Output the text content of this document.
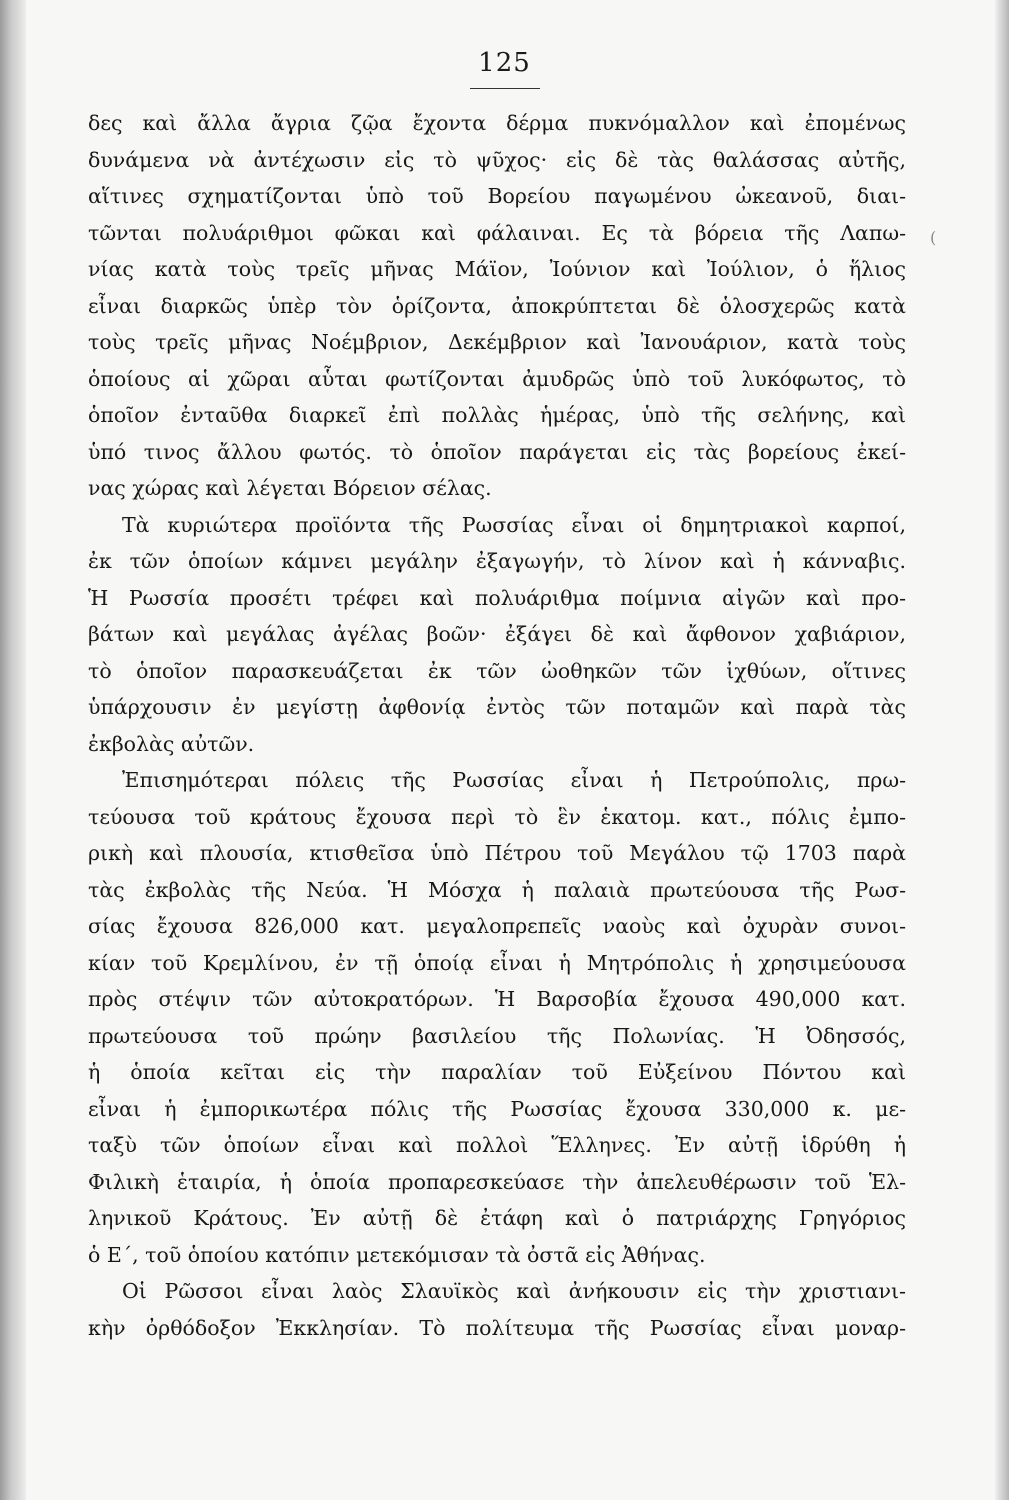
125
(
δες καὶ ἄλλα ἄγρια ζῷα ἔχοντα δέρμα πυκνόμαλλον καὶ ἐπομένως
δυνάμενα νὰ ἀντέχωσιν εἰς τὸ ψῦχος· εἰς δὲ τὰς θαλάσσας αὐτῆς,
αἵτινες σχηματίζονται ὑπὸ τοῦ Βορείου παγωμένου ὠκεανοῦ, διαι-
τῶνται πολυάριθμοι φῶκαι καὶ φάλαιναι. Ες τὰ βόρεια τῆς Λαπω-
νίας κατὰ τοὺς τρεῖς μῆνας Μάϊον, Ἰούνιον καὶ Ἰούλιον, ὁ ἥλιος
εἶναι διαρκῶς ὑπὲρ τὸν ὁρίζοντα, ἀποκρύπτεται δὲ ὁλοσχερῶς κατὰ
τοὺς τρεῖς μῆνας Νοέμβριον, Δεκέμβριον καὶ Ἰανουάριον, κατὰ τοὺς
ὁποίους αἱ χῶραι αὗται φωτίζονται ἀμυδρῶς ὑπὸ τοῦ λυκόφωτος, τὸ
ὁποῖον ἐνταῦθα διαρκεῖ ἐπὶ πολλὰς ἡμέρας, ὑπὸ τῆς σελήνης, καὶ
ὑπό τινος ἄλλου φωτός. τὸ ὁποῖον παράγεται εἰς τὰς βορείους ἐκεί-
νας χώρας καὶ λέγεται Βόρειον σέλας.
Τὰ κυριώτερα προϊόντα τῆς Ρωσσίας εἶναι οἱ δημητριακοὶ καρποί,
ἐκ τῶν ὁποίων κάμνει μεγάλην ἐξαγωγήν, τὸ λίνον καὶ ἡ κάνναβις.
Ἡ Ρωσσία προσέτι τρέφει καὶ πολυάριθμα ποίμνια αἰγῶν καὶ προ-
βάτων καὶ μεγάλας ἀγέλας βοῶν· ἐξάγει δὲ καὶ ἄφθονον χαβιάριον,
τὸ ὁποῖον παρασκευάζεται ἐκ τῶν ὠοθηκῶν τῶν ἰχθύων, οἵτινες
ὑπάρχουσιν ἐν μεγίστῃ ἀφθονίᾳ ἐντὸς τῶν ποταμῶν καὶ παρὰ τὰς
ἐκβολὰς αὐτῶν.
Ἐπισημότεραι πόλεις τῆς Ρωσσίας εἶναι ἡ Πετρούπολις, πρω-
τεύουσα τοῦ κράτους ἔχουσα περὶ τὸ ἓν ἑκατομ. κατ., πόλις ἐμπο-
ρικὴ καὶ πλουσία, κτισθεῖσα ὑπὸ Πέτρου τοῦ Μεγάλου τῷ 1703 παρὰ
τὰς ἐκβολὰς τῆς Νεύα. Ἡ Μόσχα ἡ παλαιὰ πρωτεύουσα τῆς Ρωσ-
σίας ἔχουσα 826,000 κατ. μεγαλοπρεπεῖς ναοὺς καὶ ὀχυρὰν συνοι-
κίαν τοῦ Κρεμλίνου, ἐν τῇ ὁποίᾳ εἶναι ἡ Μητρόπολις ἡ χρησιμεύουσα
πρὸς στέψιν τῶν αὐτοκρατόρων. Ἡ Βαρσοβία ἔχουσα 490,000 κατ.
πρωτεύουσα τοῦ πρώην βασιλείου τῆς Πολωνίας. Ἡ Ὀδησσός,
ἡ ὁποία κεῖται εἰς τὴν παραλίαν τοῦ Εὐξείνου Πόντου καὶ
εἶναι ἡ ἐμπορικωτέρα πόλις τῆς Ρωσσίας ἔχουσα 330,000 κ. με-
ταξὺ τῶν ὁποίων εἶναι καὶ πολλοὶ Ἕλληνες. Ἐν αὐτῇ ἱδρύθη ἡ
Φιλικὴ ἑταιρία, ἡ ὁποία προπαρεσκεύασε τὴν ἀπελευθέρωσιν τοῦ Ἑλ-
ληνικοῦ Κράτους. Ἐν αὐτῇ δὲ ἐτάφη καὶ ὁ πατριάρχης Γρηγόριος
ὁ Ε΄, τοῦ ὁποίου κατόπιν μετεκόμισαν τὰ ὀστᾶ εἰς Ἀθήνας.
Οἱ Ρῶσσοι εἶναι λαὸς Σλαυϊκὸς καὶ ἀνήκουσιν εἰς τὴν χριστιανι-
κὴν ὀρθόδοξον Ἐκκλησίαν. Τὸ πολίτευμα τῆς Ρωσσίας εἶναι μοναρ-
